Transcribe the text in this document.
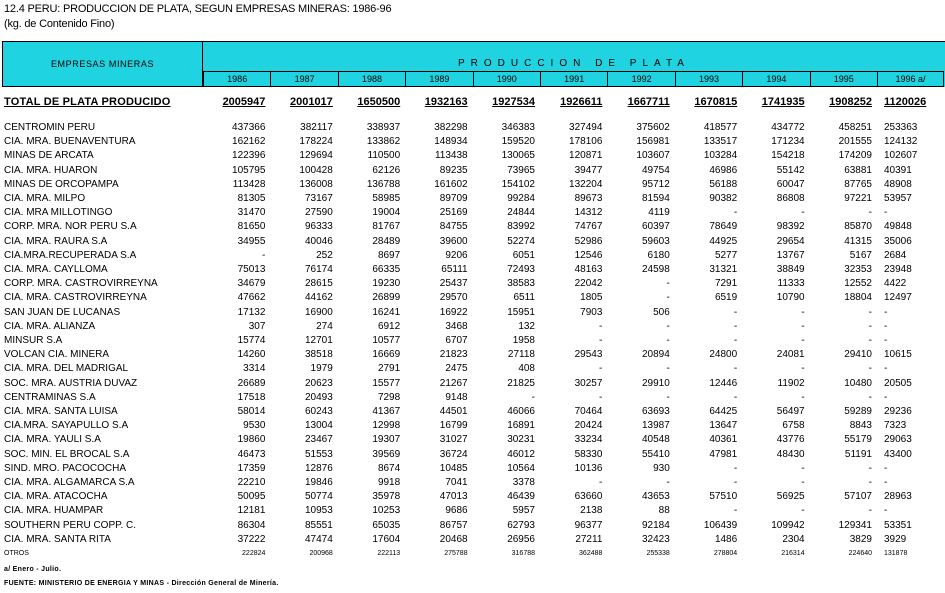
12.4 PERU: PRODUCCION DE PLATA, SEGUN EMPRESAS MINERAS: 1986-96
(kg. de Contenido Fino)
EMPRESAS MINERAS	PRODUCCION DE PLATA
1986	1987	1988	1989	1990	1991	1992	1993	1994	1995	1996 a/
TOTAL DE PLATA PRODUCIDO	2005947	2001017	1650500	1932163	1927534	1926611	1667711	1670815	1741935	1908252 1120026
CENTROMIN PERU	437366	382117	338937	382298	346383	327494	375602	418577	434772	458251 253363
CIA. MRA. BUENAVENTURA	162162	178224	133862	148934	159520	178106	156981	133517	171234	201555 124132
MINAS DE ARCATA	122396	129694	110500	113438	130065	120871	103607	103284	154218	174209 102607
CIA. MRA. HUARON	105795	100428	62126	89235	73965	39477	49754	46986	55142	63881 40391
MINAS DE ORCOPAMPA	113428	136008	136788	161602	154102	132204	95712	56188	60047	87765 48908
CIA. MRA. MILPO	81305	73167	58985	89709	99284	89673	81594	90382	86808	97221 53957
CIA. MRA MILLOTINGO	31470	27590	19004	25169	24844	14312	4119	-	-	- -
CORP. MRA. NOR PERU S.A	81650	96333	81767	84755	83992	74767	60397	78649	98392	85870 49848
CIA. MRA. RAURA S.A	34955	40046	28489	39600	52274	52986	59603	44925	29654	41315 35006
CIA.MRA.RECUPERADA S.A	-	252	8697	9206	6051	12546	6180	5277	13767	5167 2684
CIA. MRA. CAYLLOMA	75013	76174	66335	65111	72493	48163	24598	31321	38849	32353 23948
CORP. MRA. CASTROVIRREYNA	34679	28615	19230	25437	38583	22042	-	7291	11333	12552 4422
CIA. MRA. CASTROVIRREYNA	47662	44162	26899	29570	6511	1805	-	6519	10790	18804 12497
SAN JUAN DE LUCANAS	17132	16900	16241	16922	15951	7903	506	-	-	- -
CIA. MRA. ALIANZA	307	274	6912	3468	132	-	-	-	-	- -
MINSUR S.A	15774	12701	10577	6707	1958	-	-	-	-	- -
VOLCAN CIA. MINERA	14260	38518	16669	21823	27118	29543	20894	24800	24081	29410 10615
CIA. MRA. DEL MADRIGAL	3314	1979	2791	2475	408	-	-	-	-	- -
SOC. MRA. AUSTRIA DUVAZ	26689	20623	15577	21267	21825	30257	29910	12446	11902	10480 20505
CENTRAMINAS S.A	17518	20493	7298	9148	-	-	-	-	-	- -
CIA. MRA. SANTA LUISA	58014	60243	41367	44501	46066	70464	63693	64425	56497	59289 29236
CIA.MRA. SAYAPULLO S.A	9530	13004	12998	16799	16891	20424	13987	13647	6758	8843 7323
CIA. MRA. YAULI S.A	19860	23467	19307	31027	30231	33234	40548	40361	43776	55179 29063
SOC. MIN. EL BROCAL S.A	46473	51553	39569	36724	46012	58330	55410	47981	48430	51191 43400
SIND. MRO. PACOCOCHA	17359	12876	8674	10485	10564	10136	930	-	-	- -
CIA. MRA. ALGAMARCA S.A	22210	19846	9918	7041	3378	-	-	-	-	- -
CIA. MRA. ATACOCHA	50095	50774	35978	47013	46439	63660	43653	57510	56925	57107 28963
CIA. MRA. HUAMPAR	12181	10953	10253	9686	5957	2138	88	-	-	- -
SOUTHERN PERU COPP. C.	86304	85551	65035	86757	62793	96377	92184	106439	109942	129341 53351
CIA. MRA. SANTA RITA	37222	47474	17604	20468	26956	27211	32423	1486	2304	3829 3929
OTROS	222824	200968	222113	275788	316788	362488	255338	278804	216314	224640 131878
a/ Enero - Julio.
FUENTE: MINISTERIO DE ENERGIA Y MINAS - Dirección General de Minería.
